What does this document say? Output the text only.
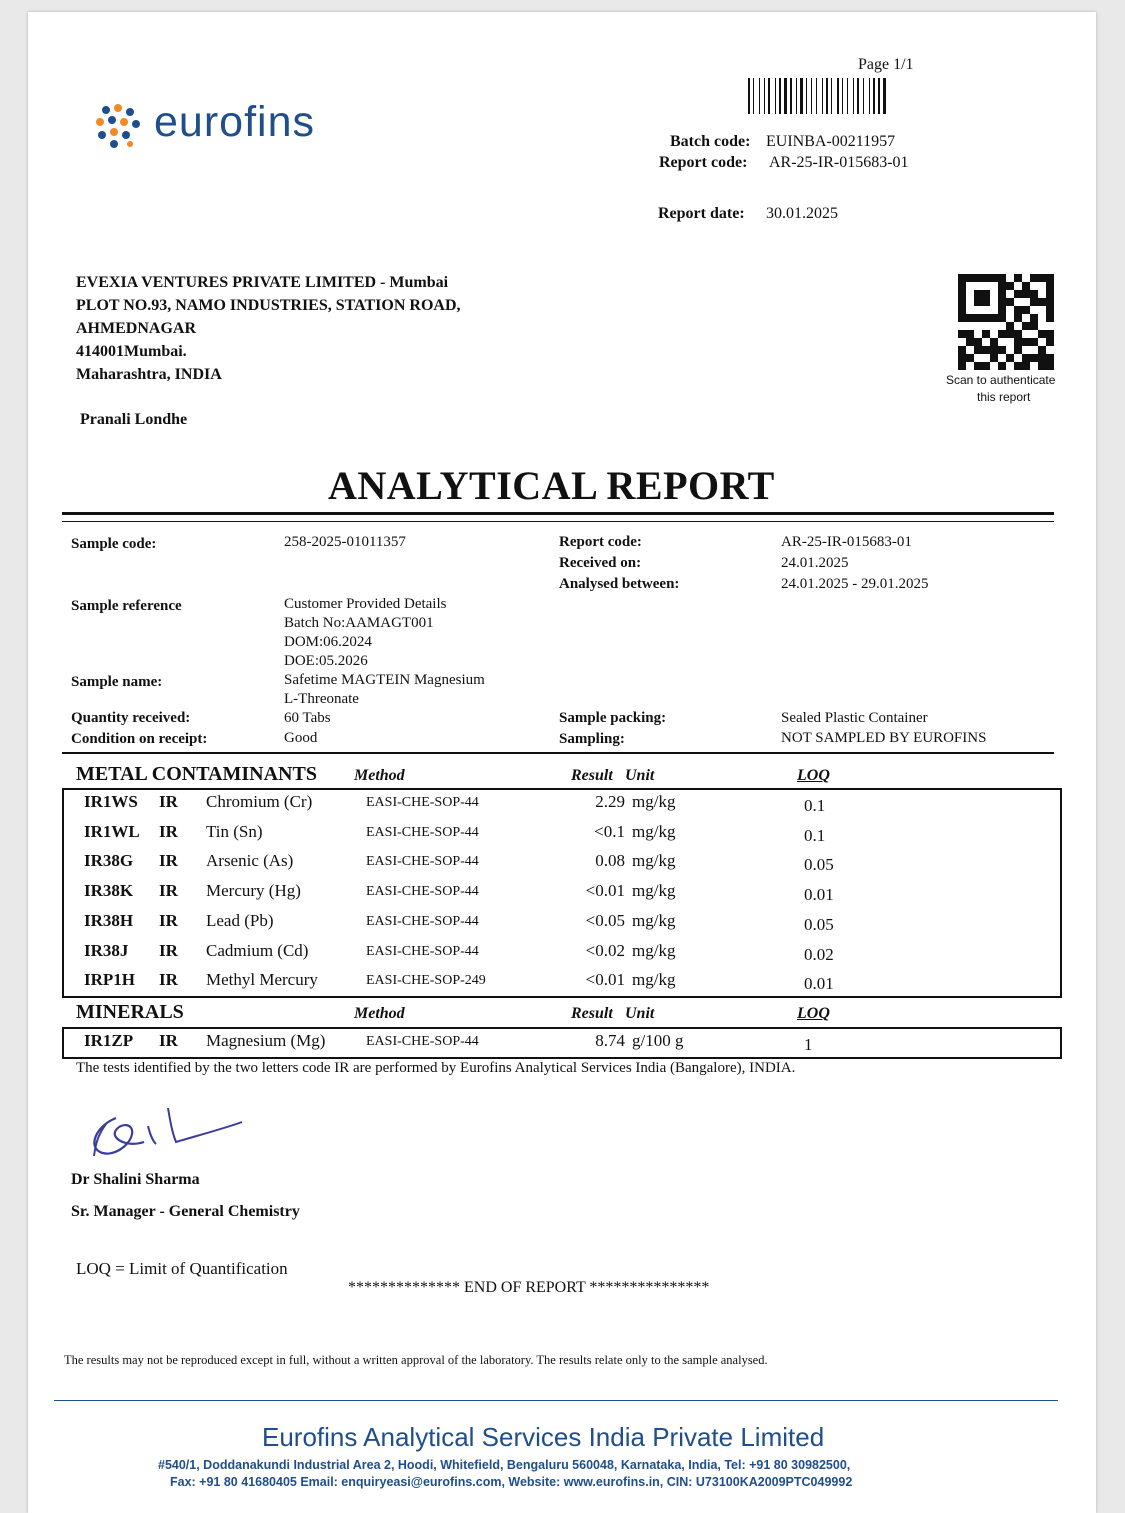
eurofins
Page 1/1
Batch code: EUINBA-00211957
Report code: AR-25-IR-015683-01
Report date: 30.01.2025
EVEXIA VENTURES PRIVATE LIMITED - Mumbai
PLOT NO.93, NAMO INDUSTRIES, STATION ROAD,
AHMEDNAGAR
414001Mumbai.
Maharashtra, INDIA
Pranali Londhe
Scan to authenticate
this report
ANALYTICAL REPORT
Sample code:	258-2025-01011357	Report code:	AR-25-IR-015683-01
Received on:	24.01.2025
Analysed between:	24.01.2025 - 29.01.2025
Sample reference	Customer Provided Details
Batch No:AAMAGT001
DOM:06.2024
DOE:05.2026
Sample name:	Safetime MAGTEIN Magnesium
L-Threonate
Quantity received:	60 Tabs	Sample packing:	Sealed Plastic Container
Condition on receipt:	Good	Sampling:	NOT SAMPLED BY EUROFINS
METAL CONTAMINANTS Method	Result Unit	LOQ
IR1WS IR Chromium (Cr)	EASI-CHE-SOP-44	2.29 mg/kg	0.1
IR1WL IR Tin (Sn)	EASI-CHE-SOP-44	<0.1 mg/kg	0.1
IR38G IR Arsenic (As)	EASI-CHE-SOP-44	0.08 mg/kg	0.05
IR38K IR Mercury (Hg)	EASI-CHE-SOP-44	<0.01 mg/kg	0.01
IR38H IR Lead (Pb)	EASI-CHE-SOP-44	<0.05 mg/kg	0.05
IR38J IR Cadmium (Cd)	EASI-CHE-SOP-44	<0.02 mg/kg	0.02
IRP1H IR Methyl Mercury	EASI-CHE-SOP-249	<0.01 mg/kg	0.01
MINERALS	Method	Result Unit	LOQ
IR1ZP IR Magnesium (Mg)	EASI-CHE-SOP-44	8.74 g/100 g	1
The tests identified by the two letters code IR are performed by Eurofins Analytical Services India (Bangalore), INDIA.
Dr Shalini Sharma
Sr. Manager - General Chemistry
LOQ = Limit of Quantification
************** END OF REPORT ***************
The results may not be reproduced except in full, without a written approval of the laboratory. The results relate only to the sample analysed.
Eurofins Analytical Services India Private Limited
#540/1, Doddanakundi Industrial Area 2, Hoodi, Whitefield, Bengaluru 560048, Karnataka, India, Tel: +91 80 30982500,
Fax: +91 80 41680405 Email: enquiryeasi@eurofins.com, Website: www.eurofins.in, CIN: U73100KA2009PTC049992
